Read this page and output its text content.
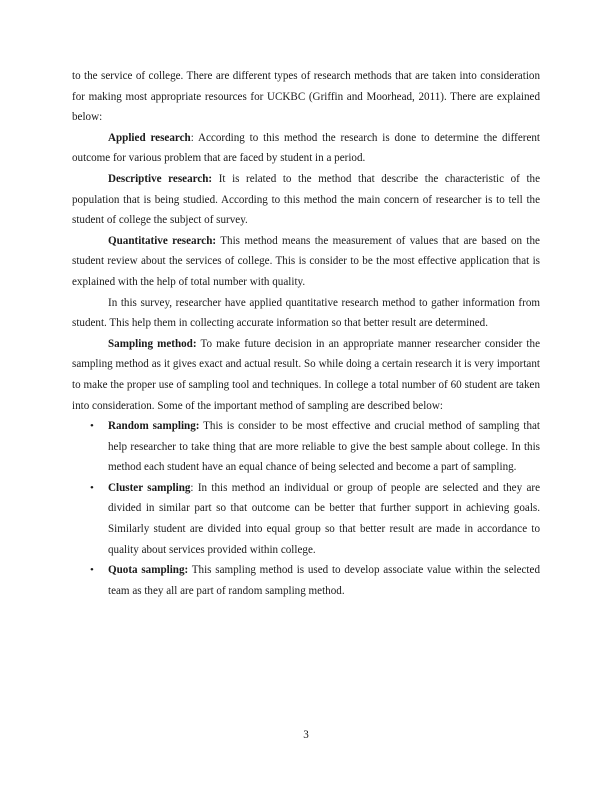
to the service of college. There are different types of research methods that are taken into consideration for making most appropriate resources for UCKBC (Griffin and Moorhead, 2011). There are explained below:

Applied research: According to this method the research is done to determine the different outcome for various problem that are faced by student in a period.

Descriptive research: It is related to the method that describe the characteristic of the population that is being studied. According to this method the main concern of researcher is to tell the student of college the subject of survey.

Quantitative research: This method means the measurement of values that are based on the student review about the services of college. This is consider to be the most effective application that is explained with the help of total number with quality.

In this survey, researcher have applied quantitative research method to gather information from student. This help them in collecting accurate information so that better result are determined.

Sampling method: To make future decision in an appropriate manner researcher consider the sampling method as it gives exact and actual result. So while doing a certain research it is very important to make the proper use of sampling tool and techniques. In college a total number of 60 student are taken into consideration. Some of the important method of sampling are described below:

• Random sampling: This is consider to be most effective and crucial method of sampling that help researcher to take thing that are more reliable to give the best sample about college. In this method each student have an equal chance of being selected and become a part of sampling.
• Cluster sampling: In this method an individual or group of people are selected and they are divided in similar part so that outcome can be better that further support in achieving goals. Similarly student are divided into equal group so that better result are made in accordance to quality about services provided within college.
• Quota sampling: This sampling method is used to develop associate value within the selected team as they all are part of random sampling method.
3
